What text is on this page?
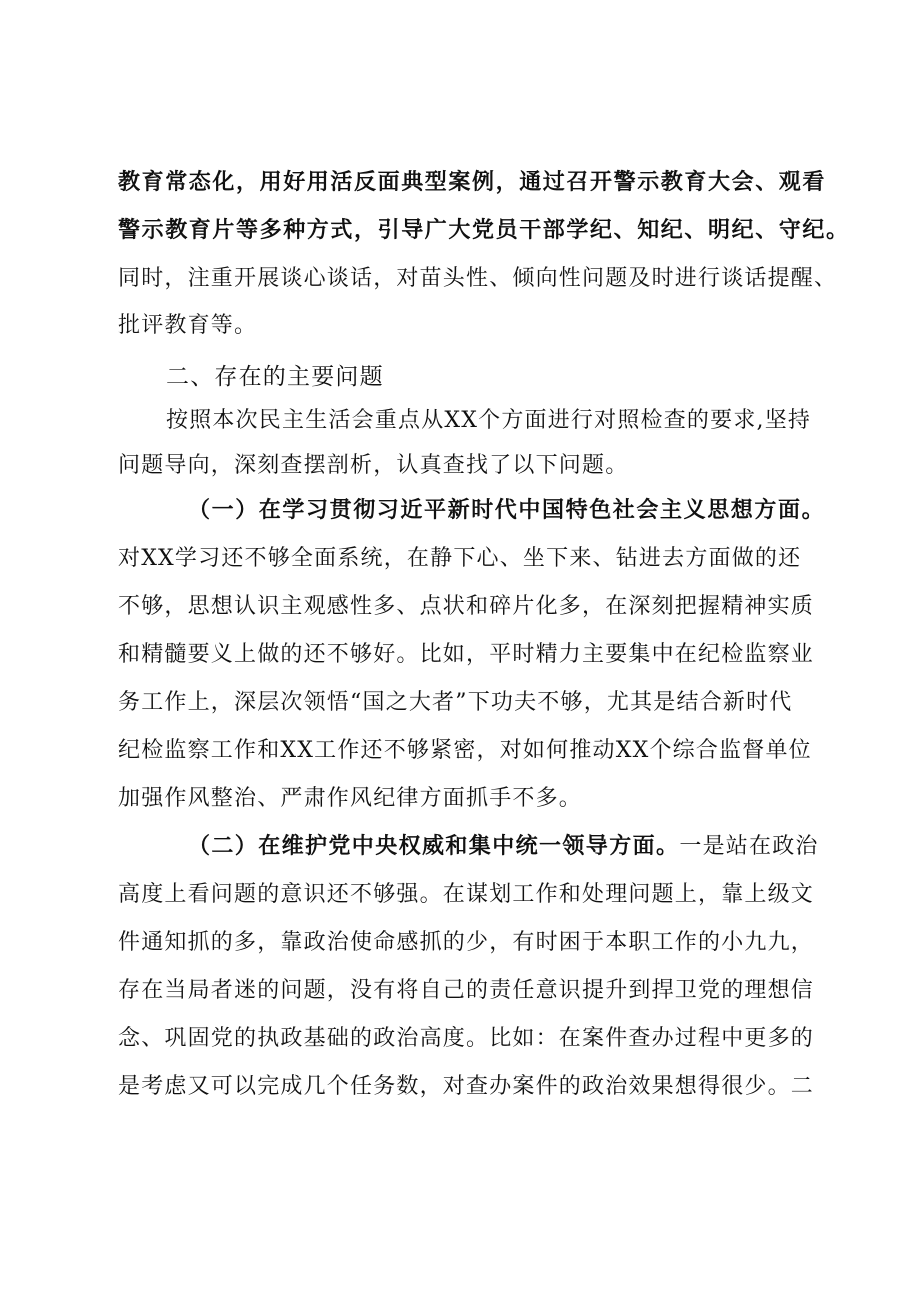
教育常态化，用好用活反面典型案例，通过召开警示教育大会、观看
警示教育片等多种方式，引导广大党员干部学纪、知纪、明纪、守纪。
同时，注重开展谈心谈话，对苗头性、倾向性问题及时进行谈话提醒、
批评教育等。
二、存在的主要问题
按照本次民主生活会重点从XX个方面进行对照检查的要求,坚持
问题导向，深刻查摆剖析，认真查找了以下问题。
（一）在学习贯彻习近平新时代中国特色社会主义思想方面。
对XX学习还不够全面系统，在静下心、坐下来、钻进去方面做的还
不够，思想认识主观感性多、点状和碎片化多，在深刻把握精神实质
和精髓要义上做的还不够好。比如，平时精力主要集中在纪检监察业
务工作上，深层次领悟“国之大者”下功夫不够，尤其是结合新时代
纪检监察工作和XX工作还不够紧密，对如何推动XX个综合监督单位
加强作风整治、严肃作风纪律方面抓手不多。
（二）在维护党中央权威和集中统一领导方面。一是站在政治
高度上看问题的意识还不够强。在谋划工作和处理问题上，靠上级文
件通知抓的多，靠政治使命感抓的少，有时困于本职工作的小九九，
存在当局者迷的问题，没有将自己的责任意识提升到捍卫党的理想信
念、巩固党的执政基础的政治高度。比如：在案件查办过程中更多的
是考虑又可以完成几个任务数，对查办案件的政治效果想得很少。二
